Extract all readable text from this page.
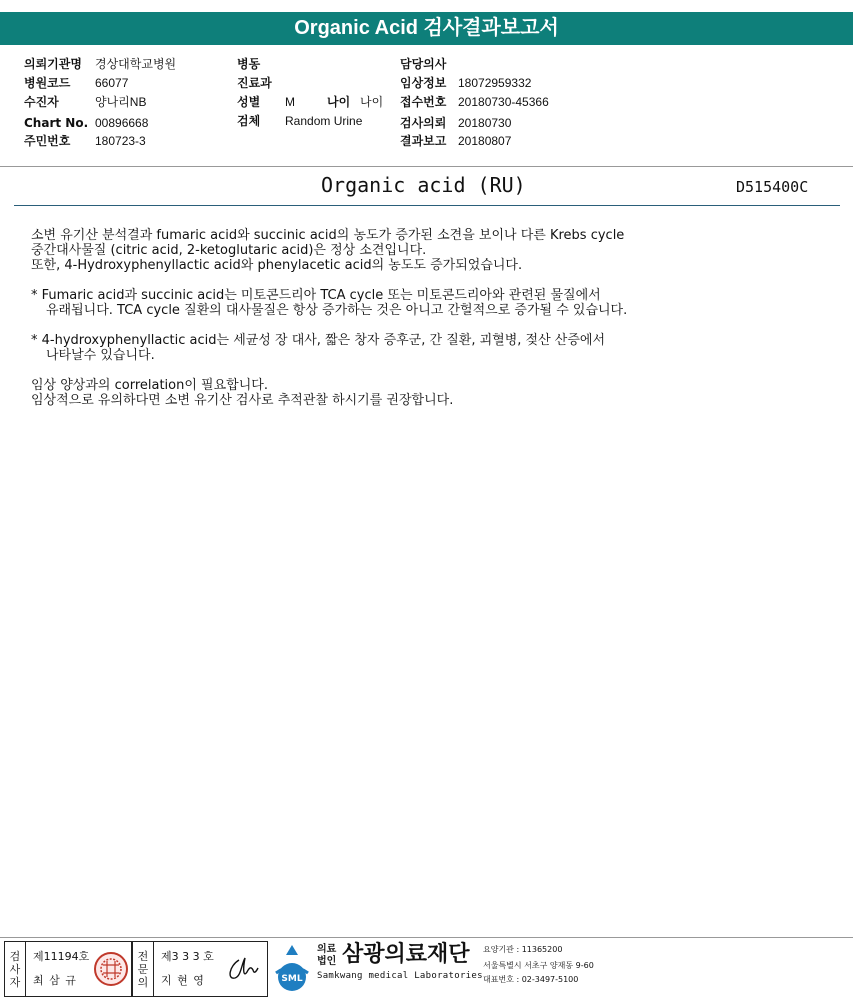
Organic Acid 검사결과보고서
의뢰기관명 경상대학교병원
병원코드 66077
수진자	양나리NB
Chart No. 00896668
주민번호 180723-3
병동
진료과
성별 M	나이 나이
검체 Random Urine
담당의사
임상정보 18072959332
접수번호 20180730-45366
검사의뢰 20180730
결과보고 20180807
Organic acid (RU)	D515400C

소변 유기산 분석결과 fumaric acid와 succinic acid의 농도가 증가된 소견을 보이나 다른 Krebs cycle

중간대사물질 (citric acid, 2-ketoglutaric acid)은 정상 소견입니다.

또한, 4-Hydroxyphenyllactic acid와 phenylacetic acid의 농도도 증가되었습니다.

* Fumaric acid과 succinic acid는 미토콘드리아 TCA cycle 또는 미토콘드리아와 관련된 물질에서

유래됩니다. TCA cycle 질환의 대사물질은 항상 증가하는 것은 아니고 간헐적으로 증가될 수 있습니다.

* 4-hydroxyphenyllactic acid는 세균성 장 대사, 짧은 창자 증후군, 간 질환, 괴혈병, 젖산 산증에서

나타날수 있습니다.

임상 양상과의 correlation이 필요합니다.

임상적으로 유의하다면 소변 유기산 검사로 추적관찰 하시기를 권장합니다.

검사자
제11194호
최 삼 규
전문의
제3 3 3 호
지 현 영	SML
의료법인 삼광의료재단
Samkwang medical Laboratories
요양기관 : 11365200
서울특별시 서초구 양재동 9-60
대표번호 : 02-3497-5100
